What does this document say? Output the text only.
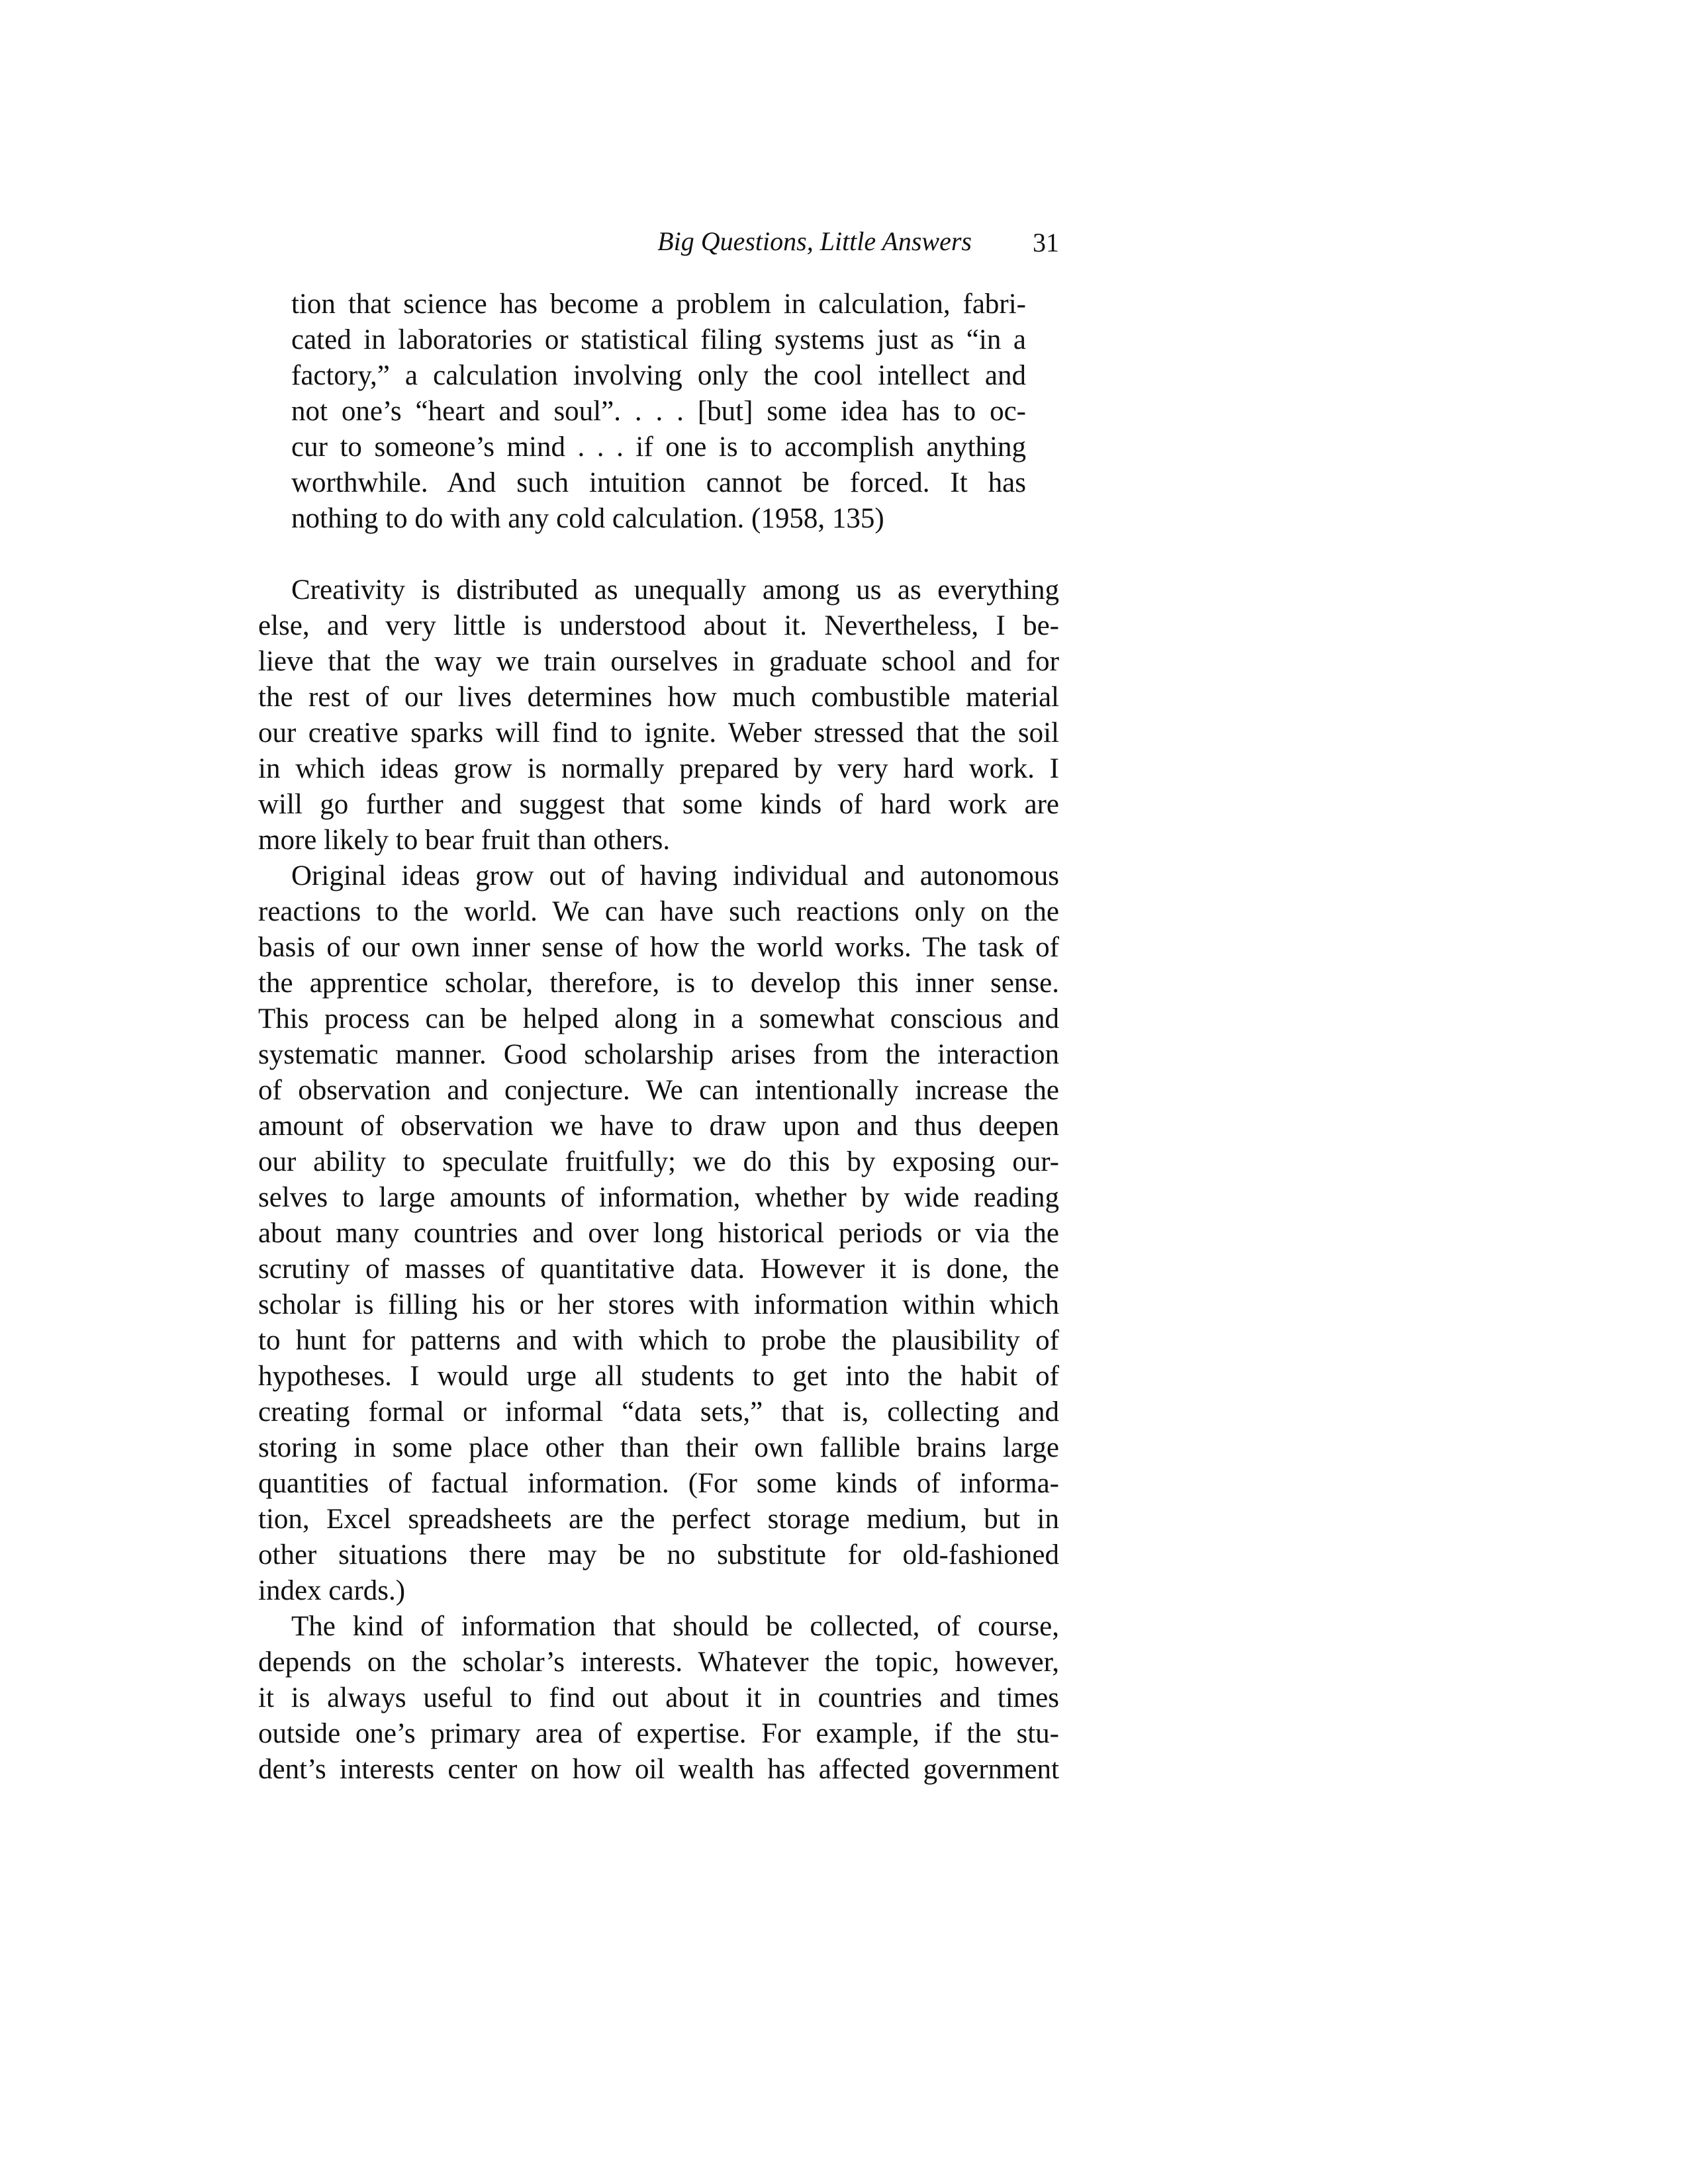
Big Questions, Little Answers 31
tion that science has become a problem in calculation, fabri-
cated in laboratories or statistical filing systems just as “in a
factory,” a calculation involving only the cool intellect and
not one’s “heart and soul”. . . . [but] some idea has to oc-
cur to someone’s mind . . . if one is to accomplish anything
worthwhile. And such intuition cannot be forced. It has
nothing to do with any cold calculation. (1958, 135)
Creativity is distributed as unequally among us as everything
else, and very little is understood about it. Nevertheless, I be-
lieve that the way we train ourselves in graduate school and for
the rest of our lives determines how much combustible material
our creative sparks will find to ignite. Weber stressed that the soil
in which ideas grow is normally prepared by very hard work. I
will go further and suggest that some kinds of hard work are
more likely to bear fruit than others.
Original ideas grow out of having individual and autonomous
reactions to the world. We can have such reactions only on the
basis of our own inner sense of how the world works. The task of
the apprentice scholar, therefore, is to develop this inner sense.
This process can be helped along in a somewhat conscious and
systematic manner. Good scholarship arises from the interaction
of observation and conjecture. We can intentionally increase the
amount of observation we have to draw upon and thus deepen
our ability to speculate fruitfully; we do this by exposing our-
selves to large amounts of information, whether by wide reading
about many countries and over long historical periods or via the
scrutiny of masses of quantitative data. However it is done, the
scholar is filling his or her stores with information within which
to hunt for patterns and with which to probe the plausibility of
hypotheses. I would urge all students to get into the habit of
creating formal or informal “data sets,” that is, collecting and
storing in some place other than their own fallible brains large
quantities of factual information. (For some kinds of informa-
tion, Excel spreadsheets are the perfect storage medium, but in
other situations there may be no substitute for old-fashioned
index cards.)
The kind of information that should be collected, of course,
depends on the scholar’s interests. Whatever the topic, however,
it is always useful to find out about it in countries and times
outside one’s primary area of expertise. For example, if the stu-
dent’s interests center on how oil wealth has affected government
